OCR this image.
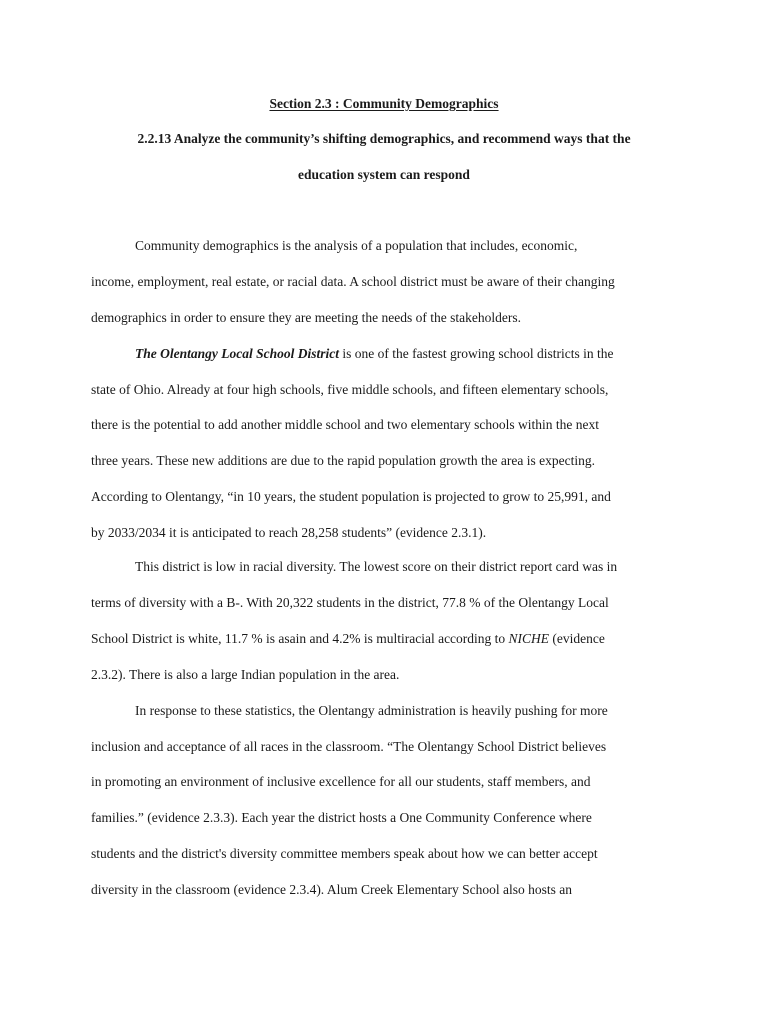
Section 2.3 : Community Demographics
2.2.13 Analyze the community’s shifting demographics, and recommend ways that the
education system can respond
Community demographics is the analysis of a population that includes, economic,
income, employment, real estate, or racial data. A school district must be aware of their changing
demographics in order to ensure they are meeting the needs of the stakeholders.
The Olentangy Local School District is one of the fastest growing school districts in the
state of Ohio. Already at four high schools, five middle schools, and fifteen elementary schools,
there is the potential to add another middle school and two elementary schools within the next
three years. These new additions are due to the rapid population growth the area is expecting.
According to Olentangy, “in 10 years, the student population is projected to grow to 25,991, and
by 2033/2034 it is anticipated to reach 28,258 students” (evidence 2.3.1).
This district is low in racial diversity. The lowest score on their district report card was in
terms of diversity with a B-. With 20,322 students in the district, 77.8 % of the Olentangy Local
School District is white, 11.7 % is asain and 4.2% is multiracial according to NICHE (evidence
2.3.2). There is also a large Indian population in the area.
In response to these statistics, the Olentangy administration is heavily pushing for more
inclusion and acceptance of all races in the classroom. “The Olentangy School District believes
in promoting an environment of inclusive excellence for all our students, staff members, and
families.” (evidence 2.3.3). Each year the district hosts a One Community Conference where
students and the district's diversity committee members speak about how we can better accept
diversity in the classroom (evidence 2.3.4). Alum Creek Elementary School also hosts an
